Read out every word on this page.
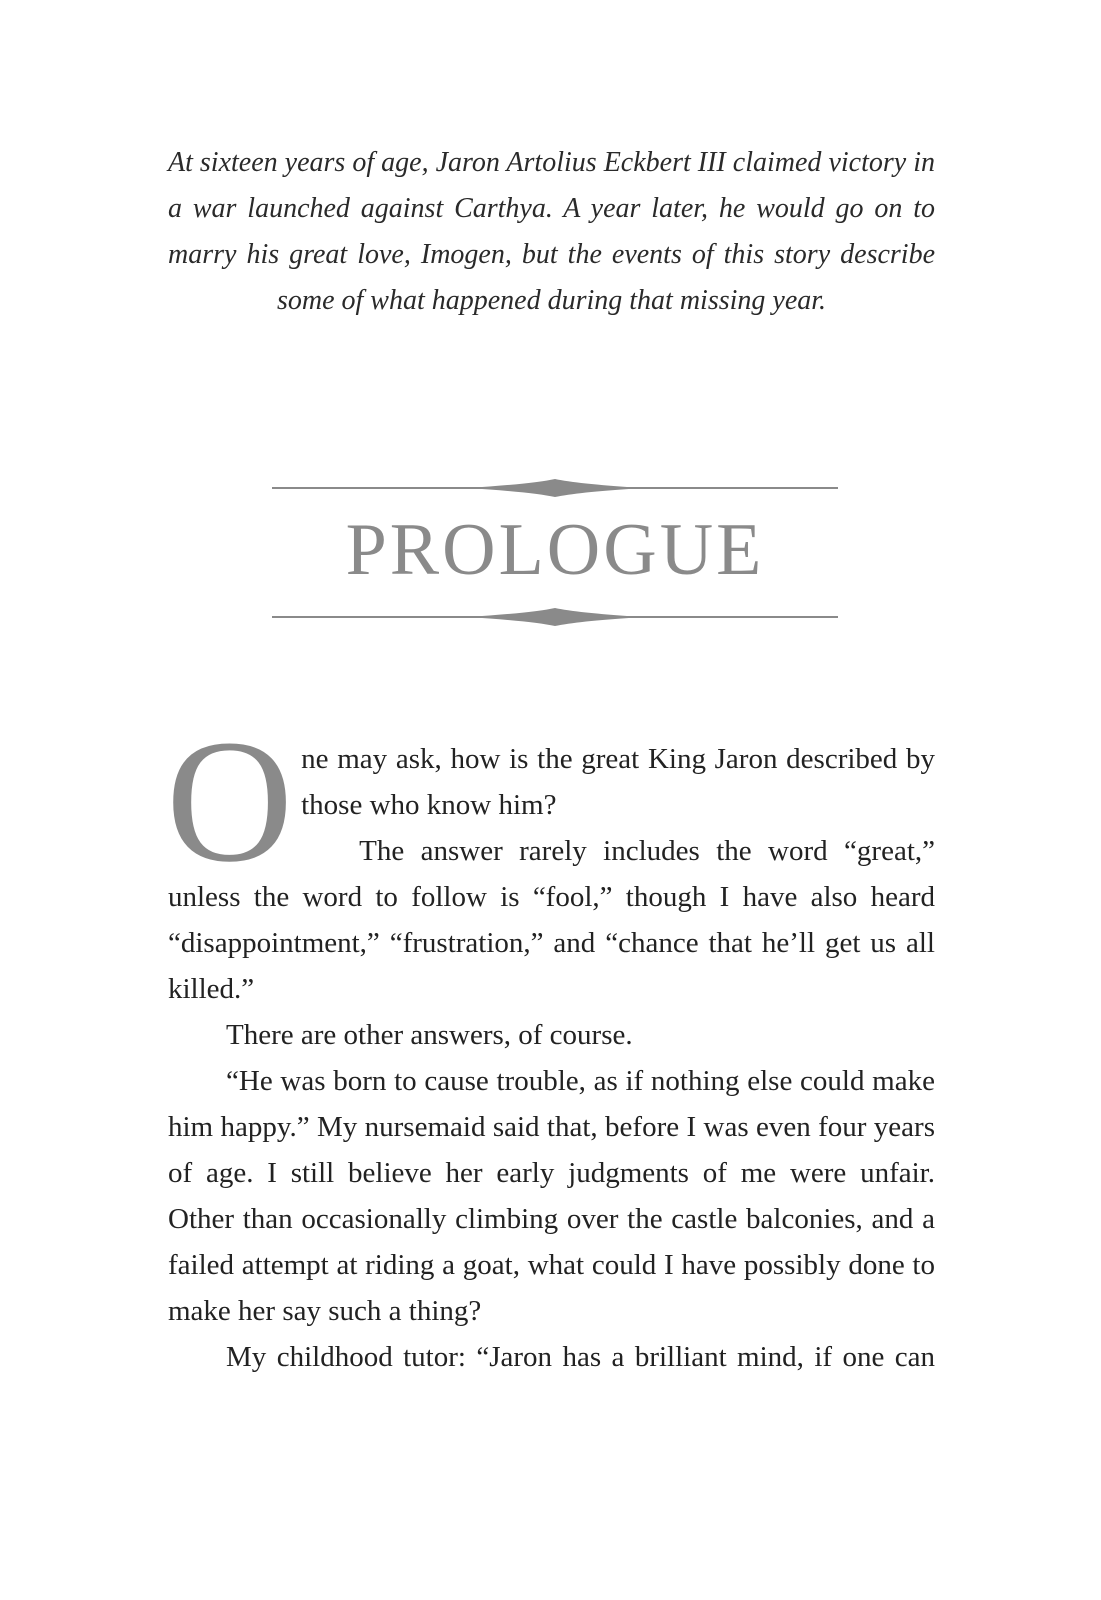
At sixteen years of age, Jaron Artolius Eckbert III claimed victory in a war launched against Carthya. A year later, he would go on to marry his great love, Imogen, but the events of this story describe some of what happened during that missing year.
PROLOGUE

One may ask, how is the great King Jaron described by those who know him?

The answer rarely includes the word “great,” unless the word to follow is “fool,” though I have also heard “disappointment,” “frustration,” and “chance that he’ll get us all killed.”

There are other answers, of course.

“He was born to cause trouble, as if nothing else could make him happy.” My nursemaid said that, before I was even four years of age. I still believe her early judgments of me were unfair. Other than occasionally climbing over the castle balconies, and a failed attempt at riding a goat, what could I have possibly done to make her say such a thing?

My childhood tutor: “Jaron has a brilliant mind, if one can
